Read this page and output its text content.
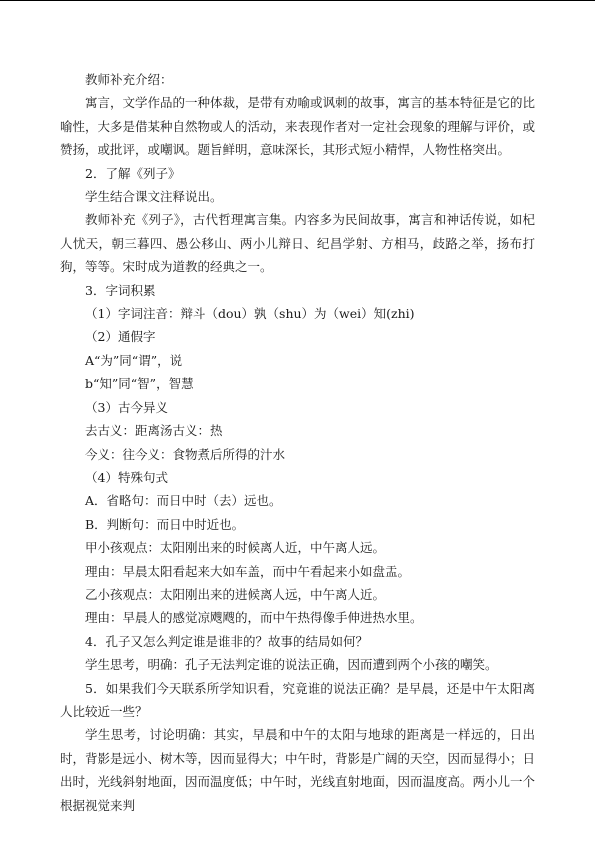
教师补充介绍：

寓言，文学作品的一种体裁，是带有劝喻或讽刺的故事，寓言的基本特征是它的比喻性，大多是借某种自然物或人的活动，来表现作者对一定社会现象的理解与评价，或赞扬，或批评，或嘲讽。题旨鲜明，意味深长，其形式短小精悍，人物性格突出。

2．了解《列子》

学生结合课文注释说出。

教师补充《列子》，古代哲理寓言集。内容多为民间故事，寓言和神话传说，如杞人忧天，朝三暮四、愚公移山、两小儿辩日、纪昌学射、方相马，歧路之举，扬布打狗，等等。宋时成为道教的经典之一。

3．字词积累

（1）字词注音：辩斗（dou）孰（shu）为（wei）知(zhi)

（2）通假字

A“为”同“谓”，说

b“知”同“智”，智慧

（3）古今异义

去古义：距离汤古义：热

今义：往今义：食物煮后所得的汁水

（4）特殊句式

A．省略句：而日中时（去）远也。

B．判断句：而日中时近也。

甲小孩观点：太阳刚出来的时候离人近，中午离人远。

理由：早晨太阳看起来大如车盖，而中午看起来小如盘盂。

乙小孩观点：太阳刚出来的进候离人远，中午离人近。

理由：早晨人的感觉凉飕飕的，而中午热得像手伸进热水里。

4．孔子又怎么判定谁是谁非的？故事的结局如何？

学生思考，明确：孔子无法判定谁的说法正确，因而遭到两个小孩的嘲笑。

5．如果我们今天联系所学知识看，究竟谁的说法正确？是早晨，还是中午太阳离人比较近一些？

学生思考，讨论明确：其实，早晨和中午的太阳与地球的距离是一样远的，日出时，背影是远小、树木等，因而显得大；中午时，背影是广阔的天空，因而显得小；日出时，光线斜射地面，因而温度低；中午时，光线直射地面，因而温度高。两小儿一个根据视觉来判
